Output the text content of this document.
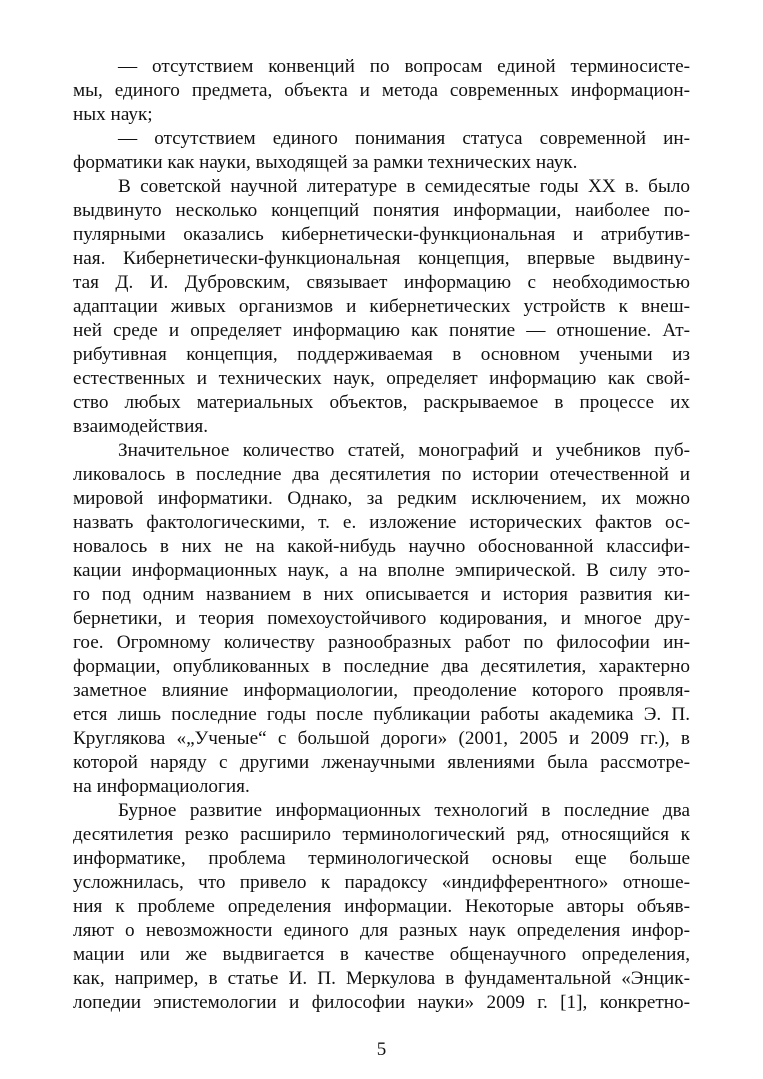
— отсутствием конвенций по вопросам единой терминосисте-
мы, единого предмета, объекта и метода современных информацион-
ных наук;
— отсутствием единого понимания статуса современной ин-
форматики как науки, выходящей за рамки технических наук.
В советской научной литературе в семидесятые годы XX в. было
выдвинуто несколько концепций понятия информации, наиболее по-
пулярными оказались кибернетически-функциональная и атрибутив-
ная. Кибернетически-функциональная концепция, впервые выдвину-
тая Д. И. Дубровским, связывает информацию с необходимостью
адаптации живых организмов и кибернетических устройств к внеш-
ней среде и определяет информацию как понятие — отношение. Ат-
рибутивная концепция, поддерживаемая в основном учеными из
естественных и технических наук, определяет информацию как свой-
ство любых материальных объектов, раскрываемое в процессе их
взаимодействия.
Значительное количество статей, монографий и учебников пуб-
ликовалось в последние два десятилетия по истории отечественной и
мировой информатики. Однако, за редким исключением, их можно
назвать фактологическими, т. е. изложение исторических фактов ос-
новалось в них не на какой-нибудь научно обоснованной классифи-
кации информационных наук, а на вполне эмпирической. В силу это-
го под одним названием в них описывается и история развития ки-
бернетики, и теория помехоустойчивого кодирования, и многое дру-
гое. Огромному количеству разнообразных работ по философии ин-
формации, опубликованных в последние два десятилетия, характерно
заметное влияние информациологии, преодоление которого проявля-
ется лишь последние годы после публикации работы академика Э. П.
Круглякова «„Ученые“ с большой дороги» (2001, 2005 и 2009 гг.), в
которой наряду с другими лженаучными явлениями была рассмотре-
на информациология.
Бурное развитие информационных технологий в последние два
десятилетия резко расширило терминологический ряд, относящийся к
информатике, проблема терминологической основы еще больше
усложнилась, что привело к парадоксу «индифферентного» отноше-
ния к проблеме определения информации. Некоторые авторы объяв-
ляют о невозможности единого для разных наук определения инфор-
мации или же выдвигается в качестве общенаучного определения,
как, например, в статье И. П. Меркулова в фундаментальной «Энцик-
лопедии эпистемологии и философии науки» 2009 г. [1], конкретно-
5
